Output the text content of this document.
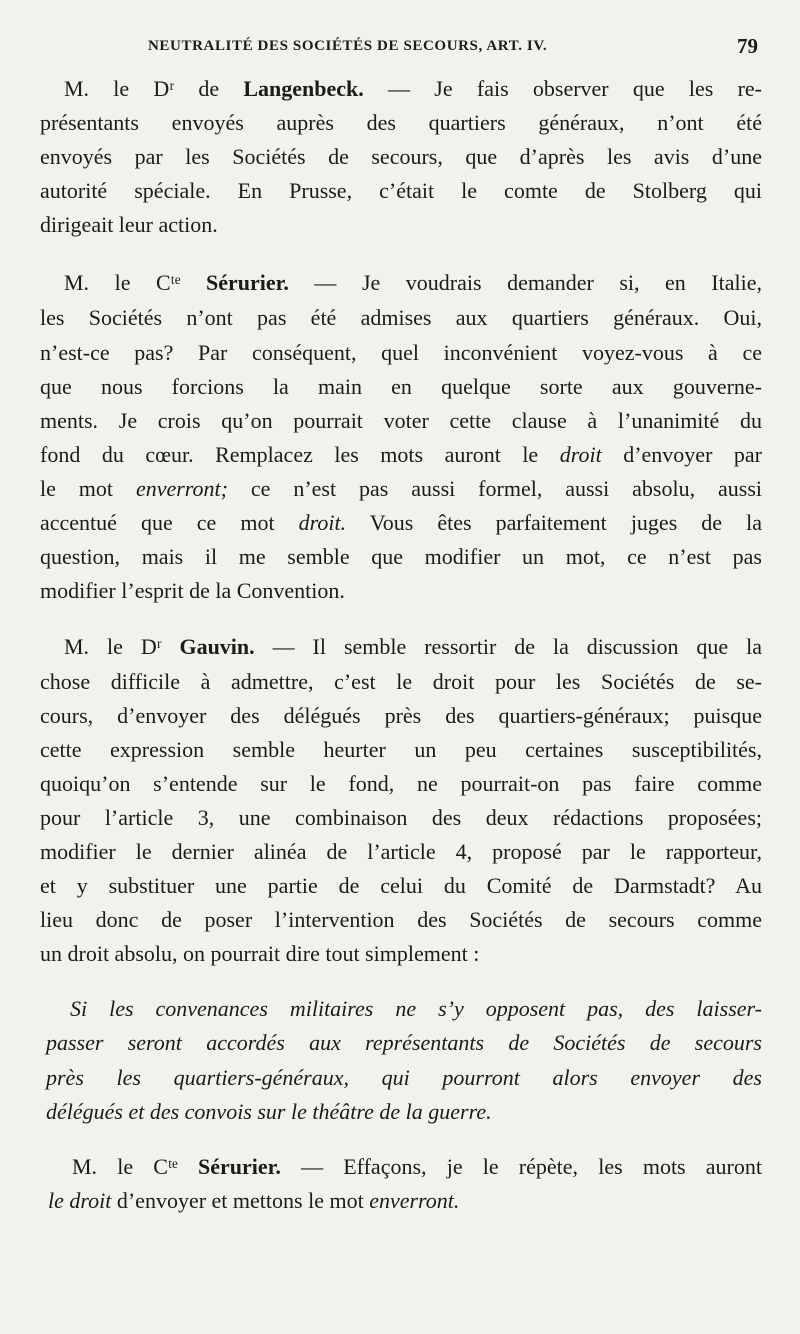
NEUTRALITÉ DES SOCIÉTÉS DE SECOURS, ART. IV.	79
M. le Dʳ de Langenbeck. — Je fais observer que les re-
présentants envoyés auprès des quartiers généraux, n’ont été
envoyés par les Sociétés de secours, que d’après les avis d’une
autorité spéciale. En Prusse, c’était le comte de Stolberg qui
dirigeait leur action.
M. le Cᵗᵉ Sérurier. — Je voudrais demander si, en Italie,
les Sociétés n’ont pas été admises aux quartiers généraux. Oui,
n’est-ce pas? Par conséquent, quel inconvénient voyez-vous à ce
que nous forcions la main en quelque sorte aux gouverne-
ments. Je crois qu’on pourrait voter cette clause à l’unanimité du
fond du cœur. Remplacez les mots auront le droit d’envoyer par
le mot enverront; ce n’est pas aussi formel, aussi absolu, aussi
accentué que ce mot droit. Vous êtes parfaitement juges de la
question, mais il me semble que modifier un mot, ce n’est pas
modifier l’esprit de la Convention.
M. le Dʳ Gauvin. — Il semble ressortir de la discussion que la
chose difficile à admettre, c’est le droit pour les Sociétés de se-
cours, d’envoyer des délégués près des quartiers-généraux; puisque
cette expression semble heurter un peu certaines susceptibilités,
quoiqu’on s’entende sur le fond, ne pourrait-on pas faire comme
pour l’article 3, une combinaison des deux rédactions proposées;
modifier le dernier alinéa de l’article 4, proposé par le rapporteur,
et y substituer une partie de celui du Comité de Darmstadt? Au
lieu donc de poser l’intervention des Sociétés de secours comme
un droit absolu, on pourrait dire tout simplement :
Si les convenances militaires ne s’y opposent pas, des laisser-
passer seront accordés aux représentants de Sociétés de secours
près les quartiers-généraux, qui pourront alors envoyer des
délégués et des convois sur le théâtre de la guerre.
M. le Cᵗᵉ Sérurier. — Effaçons, je le répète, les mots auront
le droit d’envoyer et mettons le mot enverront.
